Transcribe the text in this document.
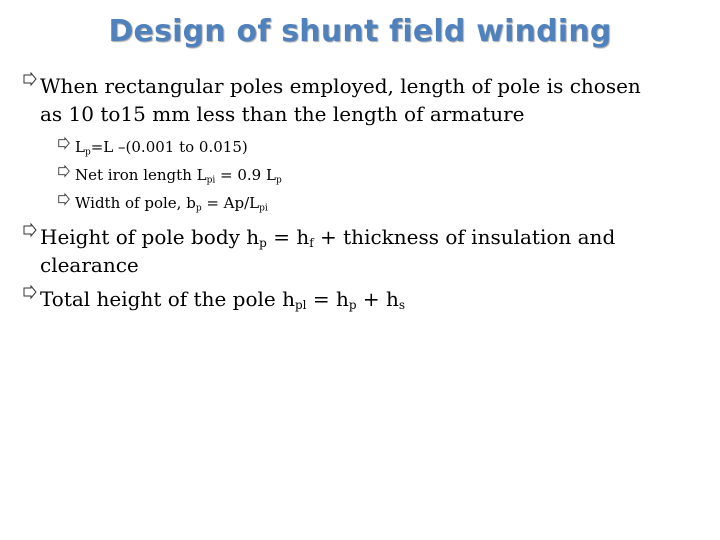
Design of shunt field winding
When rectangular poles employed, length of pole is chosen
as 10 to15 mm less than the length of armature
$L_p=L$ –(0.001 to 0.015)
Net iron length $L_{pi} = 0.9$ $L_p$
Width of pole, $b_p = Ap/L_{pi}$
Height of pole body $h_p = h_f$ + thickness of insulation and
clearance
Total height of the pole $h_{pl} = h_p + h_s$
